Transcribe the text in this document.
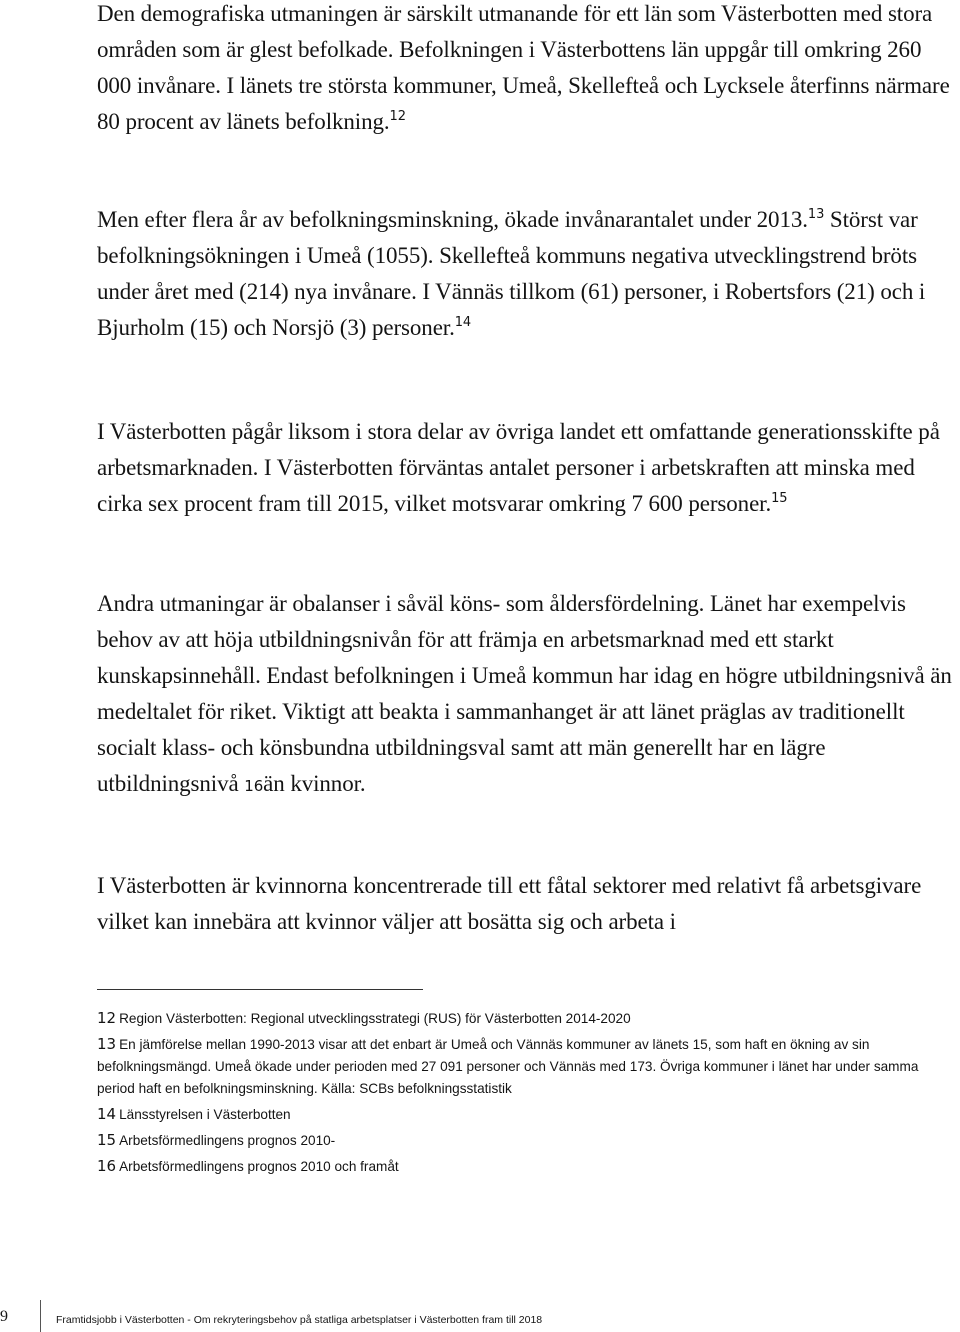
Den demografiska utmaningen är särskilt utmanande för ett län som Västerbotten med stora områden som är glest befolkade. Befolkningen i Västerbottens län uppgår till omkring 260 000 invånare. I länets tre största kommuner, Umeå, Skellefteå och Lycksele återfinns närmare 80 procent av länets befolkning.$^{12}$

Men efter flera år av befolkningsminskning, ökade invånarantalet under 2013.13 Störst var befolkningsökningen i Umeå (1055). Skellefteå kommuns negativa utvecklingstrend bröts under året med (214) nya invånare. I Vännäs tillkom (61) personer, i Robertsfors (21) och i Bjurholm (15) och Norsjö (3) personer.$^{14}$

I Västerbotten pågår liksom i stora delar av övriga landet ett omfattande generationsskifte på arbetsmarknaden. I Västerbotten förväntas antalet personer i arbetskraften att minska med cirka sex procent fram till 2015, vilket motsvarar omkring 7 600 personer.$^{15}$

Andra utmaningar är obalanser i såväl köns- som åldersfördelning. Länet har exempelvis behov av att höja utbildningsnivån för att främja en arbetsmarknad med ett starkt kunskapsinnehåll. Endast befolkningen i Umeå kommun har idag en högre utbildningsnivå än medeltalet för riket. Viktigt att beakta i sammanhanget är att länet präglas av traditionellt socialt klass- och könsbundna utbildningsval samt att män generellt har en lägre utbildningsnivå 16än kvinnor.

I Västerbotten är kvinnorna koncentrerade till ett fåtal sektorer med relativt få arbetsgivare vilket kan innebära att kvinnor väljer att bosätta sig och arbeta i

12 Region Västerbotten: Regional utvecklingsstrategi (RUS) för Västerbotten 2014-2020
13 En jämförelse mellan 1990-2013 visar att det enbart är Umeå och Vännäs kommuner av länets 15, som haft en ökning av sin befolkningsmängd. Umeå ökade under perioden med 27 091 personer och Vännäs med 173. Övriga kommuner i länet har under samma period haft en befolkningsminskning. Källa: SCBs befolkningsstatistik
14 Länsstyrelsen i Västerbotten
15 Arbetsförmedlingens prognos 2010-
16 Arbetsförmedlingens prognos 2010 och framåt
9	Framtidsjobb i Västerbotten - Om rekryteringsbehov på statliga arbetsplatser i Västerbotten fram till 2018
